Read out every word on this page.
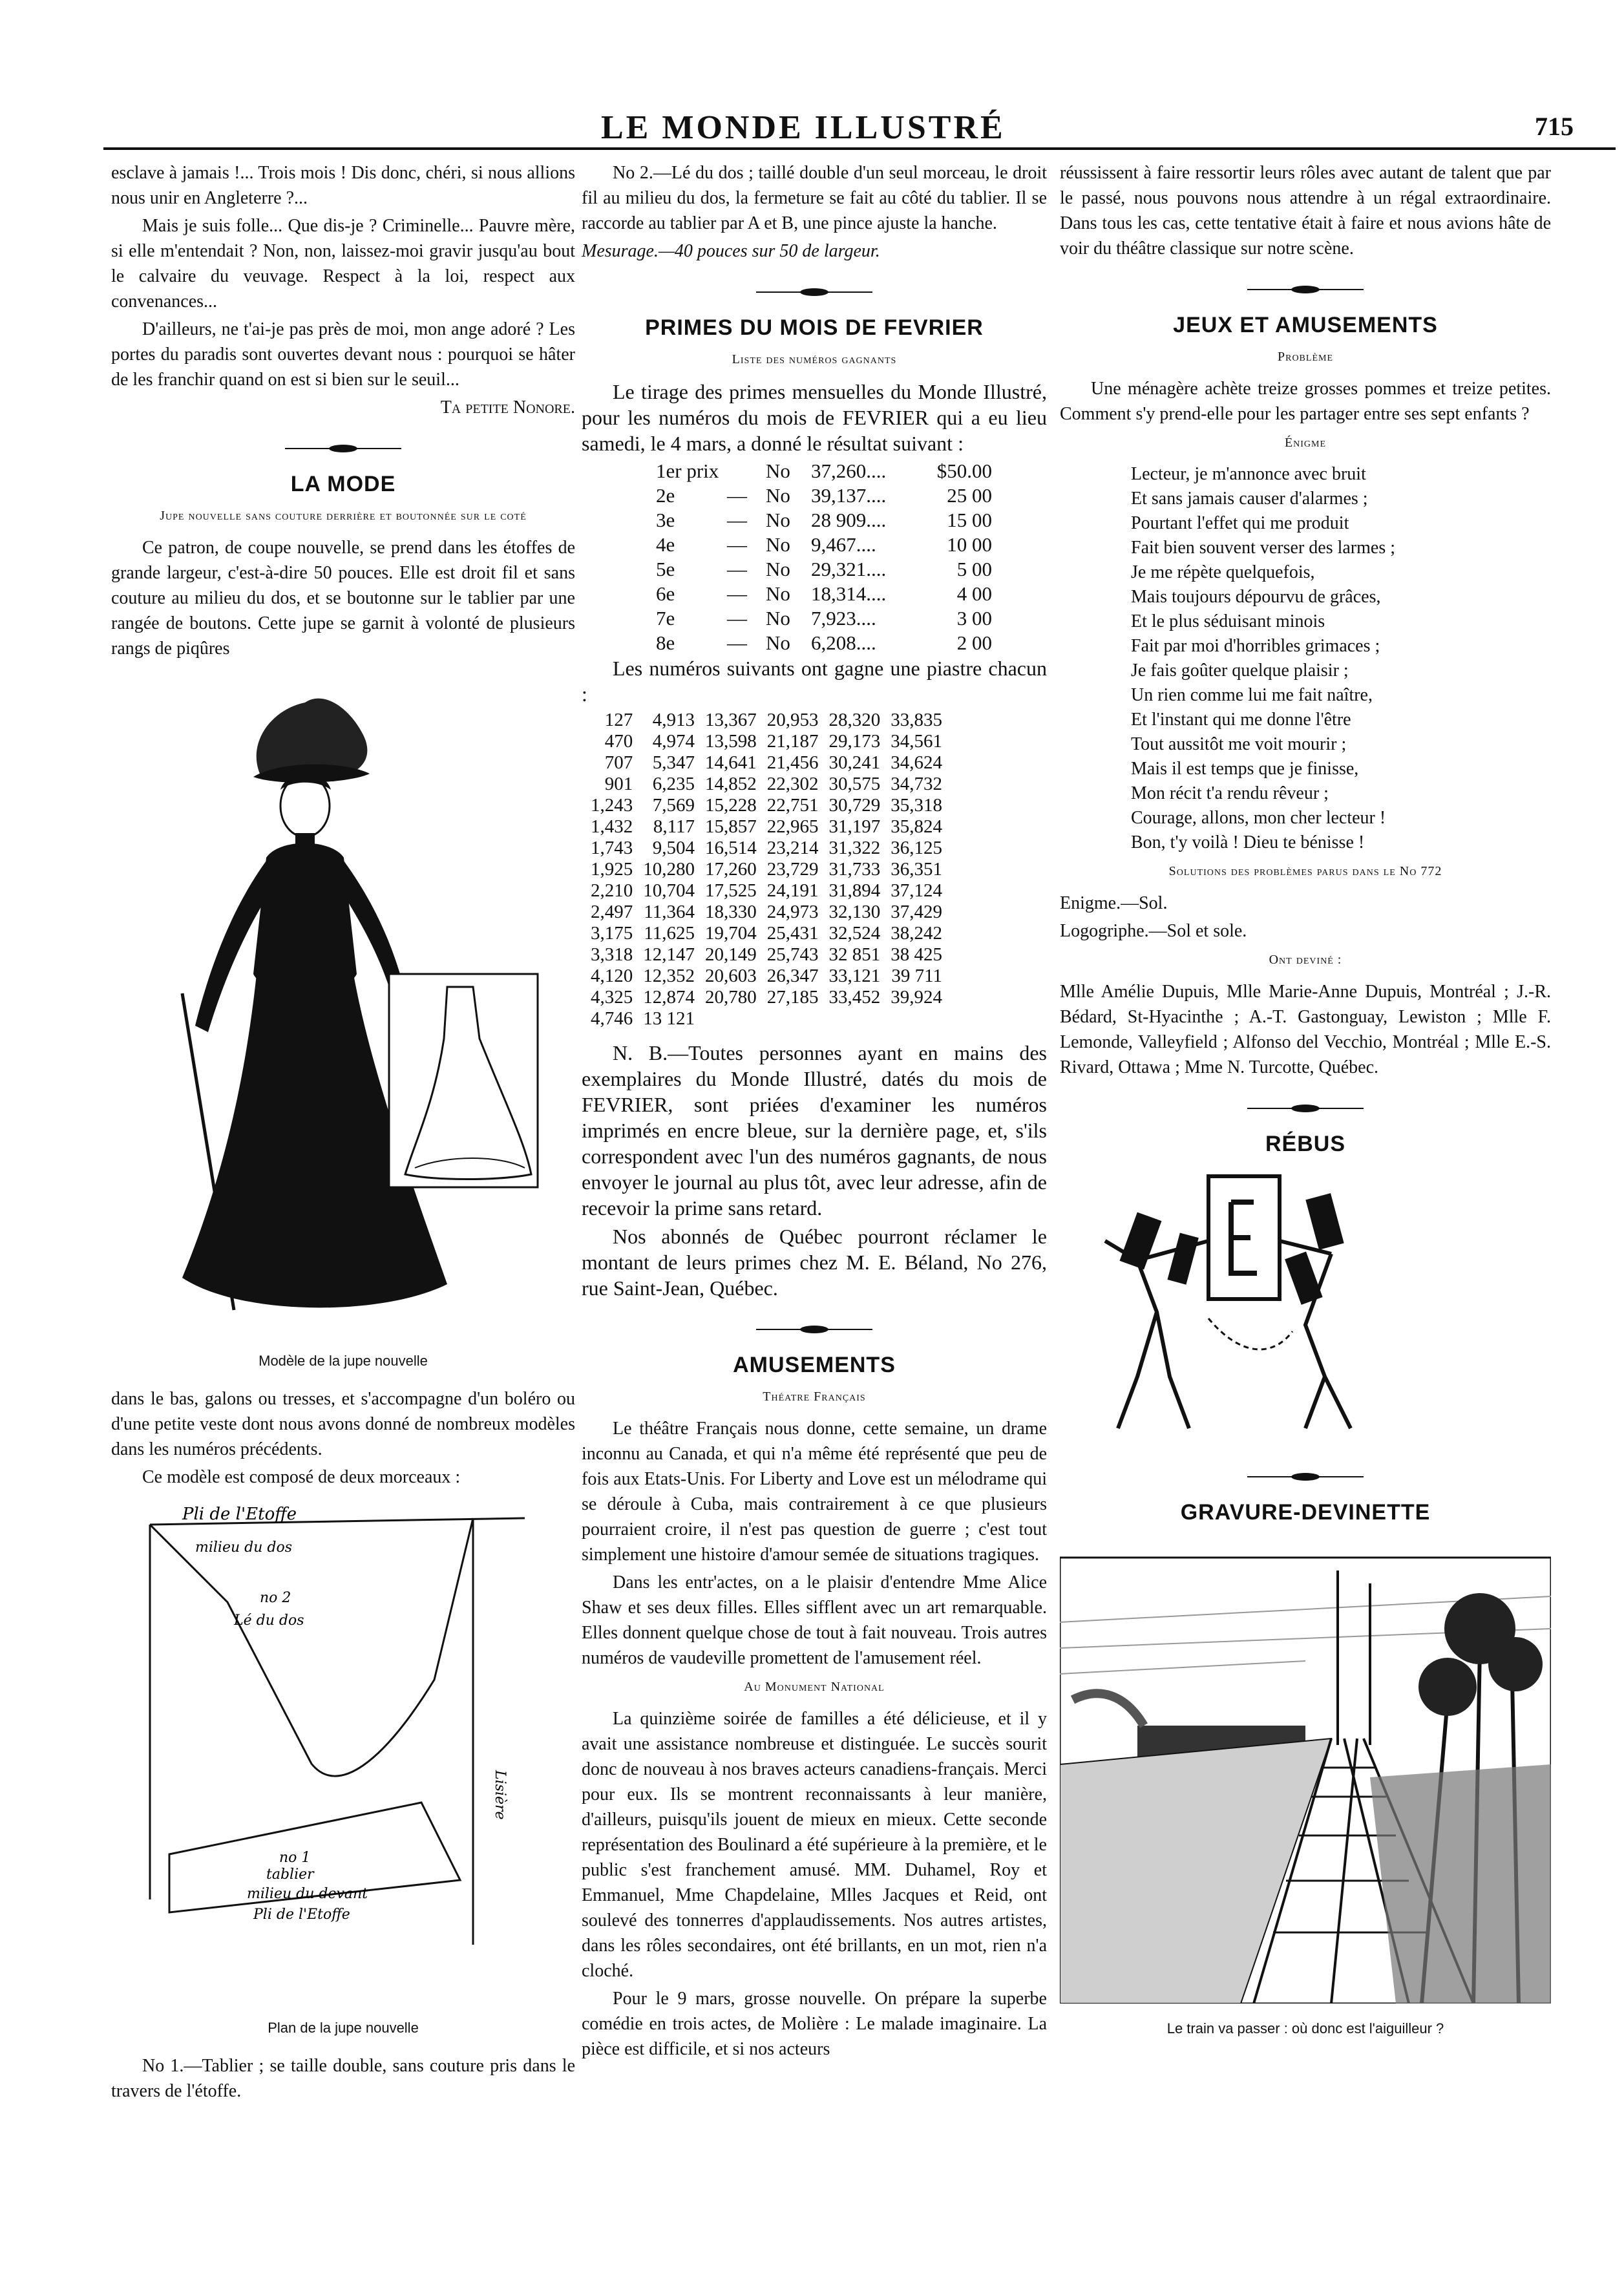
LE MONDE ILLUSTRÉ	715

esclave à jamais !... Trois mois ! Dis donc, chéri, si nous allions nous unir en Angleterre ?...

Mais je suis folle... Que dis-je ? Criminelle... Pauvre mère, si elle m'entendait ? Non, non, laissez-moi gravir jusqu'au bout le calvaire du veuvage. Respect à la loi, respect aux convenances...

D'ailleurs, ne t'ai-je pas près de moi, mon ange adoré ? Les portes du paradis sont ouvertes devant nous : pourquoi se hâter de les franchir quand on est si bien sur le seuil...

Ta petite Nonore.
LA MODE
Jupe nouvelle sans couture derrière et boutonnée sur le coté

Ce patron, de coupe nouvelle, se prend dans les étoffes de grande largeur, c'est-à-dire 50 pouces. Elle est droit fil et sans couture au milieu du dos, et se boutonne sur le tablier par une rangée de boutons. Cette jupe se garnit à volonté de plusieurs rangs de piqûres

Modèle de la jupe nouvelle

dans le bas, galons ou tresses, et s'accompagne d'un boléro ou d'une petite veste dont nous avons donné de nombreux modèles dans les numéros précédents.

Ce modèle est composé de deux morceaux :

Pli de l'Etoffe
milieu du dos
no 2
Lé du dos
Lisière
no 1
tablier
milieu du devant
Pli de l'Etoffe
Plan de la jupe nouvelle

No 1.—Tablier ; se taille double, sans couture pris dans le travers de l'étoffe.

No 2.—Lé du dos ; taillé double d'un seul morceau, le droit fil au milieu du dos, la fermeture se fait au côté du tablier. Il se raccorde au tablier par A et B, une pince ajuste la hanche.

Mesurage.—40 pouces sur 50 de largeur.

PRIMES DU MOIS DE FEVRIER
Liste des numéros gagnants

Le tirage des primes mensuelles du Monde Illustré, pour les numéros du mois de FEVRIER qui a eu lieu samedi, le 4 mars, a donné le résultat suivant :

1er prix No 37,260....	$50.00
2e	— No 39,137....	25 00
3e	— No 28 909....	15 00
4e	— No 9,467....	10 00
5e	— No 29,321....	5 00
6e	— No 18,314....	4 00
7e	— No 7,923....	3 00
8e	— No 6,208....	2 00

Les numéros suivants ont gagne une piastre chacun :

127	4,913	13,367	20,953	28,320	33,835
470	4,974	13,598	21,187	29,173	34,561
707	5,347	14,641	21,456	30,241	34,624
901	6,235	14,852	22,302	30,575	34,732
1,243	7,569	15,228	22,751	30,729	35,318
1,432	8,117	15,857	22,965	31,197	35,824
1,743	9,504	16,514	23,214	31,322	36,125
1,925	10,280	17,260	23,729	31,733	36,351
2,210	10,704	17,525	24,191	31,894	37,124
2,497	11,364	18,330	24,973	32,130	37,429
3,175	11,625	19,704	25,431	32,524	38,242
3,318	12,147	20,149	25,743	32 851	38 425
4,120	12,352	20,603	26,347	33,121	39 711
4,325	12,874	20,780	27,185	33,452	39,924
4,746	13 121				

N. B.—Toutes personnes ayant en mains des exemplaires du Monde Illustré, datés du mois de FEVRIER, sont priées d'examiner les numéros imprimés en encre bleue, sur la dernière page, et, s'ils correspondent avec l'un des numéros gagnants, de nous envoyer le journal au plus tôt, avec leur adresse, afin de recevoir la prime sans retard.

Nos abonnés de Québec pourront réclamer le montant de leurs primes chez M. E. Béland, No 276, rue Saint-Jean, Québec.

AMUSEMENTS
Théatre Français

Le théâtre Français nous donne, cette semaine, un drame inconnu au Canada, et qui n'a même été représenté que peu de fois aux Etats-Unis. For Liberty and Love est un mélodrame qui se déroule à Cuba, mais contrairement à ce que plusieurs pourraient croire, il n'est pas question de guerre ; c'est tout simplement une histoire d'amour semée de situations tragiques.

Dans les entr'actes, on a le plaisir d'entendre Mme Alice Shaw et ses deux filles. Elles sifflent avec un art remarquable. Elles donnent quelque chose de tout à fait nouveau. Trois autres numéros de vaudeville promettent de l'amusement réel.

Au Monument National

La quinzième soirée de familles a été délicieuse, et il y avait une assistance nombreuse et distinguée. Le succès sourit donc de nouveau à nos braves acteurs canadiens-français. Merci pour eux. Ils se montrent reconnaissants à leur manière, d'ailleurs, puisqu'ils jouent de mieux en mieux. Cette seconde représentation des Boulinard a été supérieure à la première, et le public s'est franchement amusé. MM. Duhamel, Roy et Emmanuel, Mme Chapdelaine, Mlles Jacques et Reid, ont soulevé des tonnerres d'applaudissements. Nos autres artistes, dans les rôles secondaires, ont été brillants, en un mot, rien n'a cloché.

Pour le 9 mars, grosse nouvelle. On prépare la superbe comédie en trois actes, de Molière : Le malade imaginaire. La pièce est difficile, et si nos acteurs

réussissent à faire ressortir leurs rôles avec autant de talent que par le passé, nous pouvons nous attendre à un régal extraordinaire. Dans tous les cas, cette tentative était à faire et nous avions hâte de voir du théâtre classique sur notre scène.

JEUX ET AMUSEMENTS
Problème

Une ménagère achète treize grosses pommes et treize petites. Comment s'y prend-elle pour les partager entre ses sept enfants ?

Énigme
Lecteur, je m'annonce avec bruit
Et sans jamais causer d'alarmes ;
Pourtant l'effet qui me produit
Fait bien souvent verser des larmes ;
Je me répète quelquefois,
Mais toujours dépourvu de grâces,
Et le plus séduisant minois
Fait par moi d'horribles grimaces ;
Je fais goûter quelque plaisir ;
Un rien comme lui me fait naître,
Et l'instant qui me donne l'être
Tout aussitôt me voit mourir ;
Mais il est temps que je finisse,
Mon récit t'a rendu rêveur ;
Courage, allons, mon cher lecteur !
Bon, t'y voilà ! Dieu te bénisse !
Solutions des problèmes parus dans le No 772

Enigme.—Sol.

Logogriphe.—Sol et sole.

Ont deviné :

Mlle Amélie Dupuis, Mlle Marie-Anne Dupuis, Montréal ; J.-R. Bédard, St-Hyacinthe ; A.-T. Gastonguay, Lewiston ; Mlle F. Lemonde, Valleyfield ; Alfonso del Vecchio, Montréal ; Mlle E.-S. Rivard, Ottawa ; Mme N. Turcotte, Québec.

RÉBUS
GRAVURE-DEVINETTE
Le train va passer : où donc est l'aiguilleur ?
